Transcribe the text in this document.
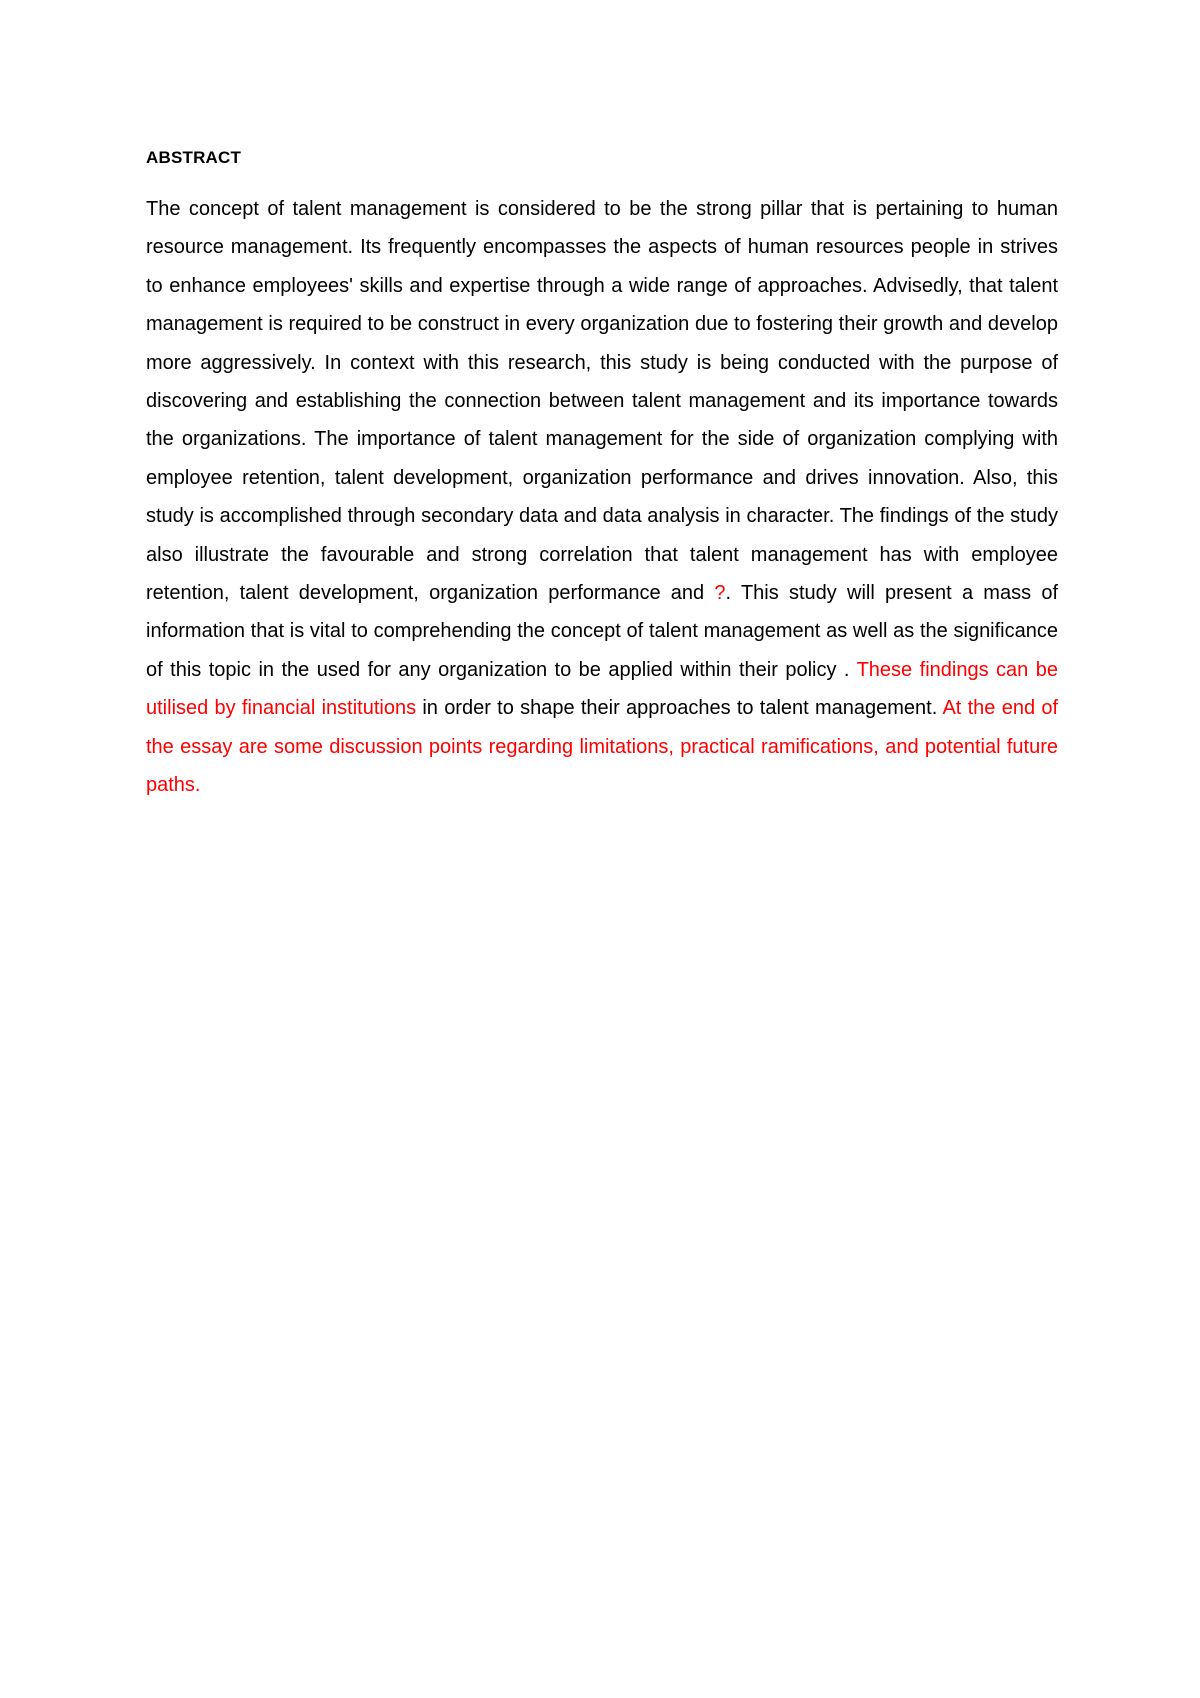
ABSTRACT

The concept of talent management is considered to be the strong pillar that is pertaining to human resource management. Its frequently encompasses the aspects of human resources people in strives to enhance employees' skills and expertise through a wide range of approaches. Advisedly, that talent management is required to be construct in every organization due to fostering their growth and develop more aggressively. In context with this research, this study is being conducted with the purpose of discovering and establishing the connection between talent management and its importance towards the organizations. The importance of talent management for the side of organization complying with employee retention, talent development, organization performance and drives innovation. Also, this study is accomplished through secondary data and data analysis in character. The findings of the study also illustrate the favourable and strong correlation that talent management has with employee retention, talent development, organization performance and ?. This study will present a mass of information that is vital to comprehending the concept of talent management as well as the significance of this topic in the used for any organization to be applied within their policy . These findings can be utilised by financial institutions in order to shape their approaches to talent management. At the end of the essay are some discussion points regarding limitations, practical ramifications, and potential future paths.
